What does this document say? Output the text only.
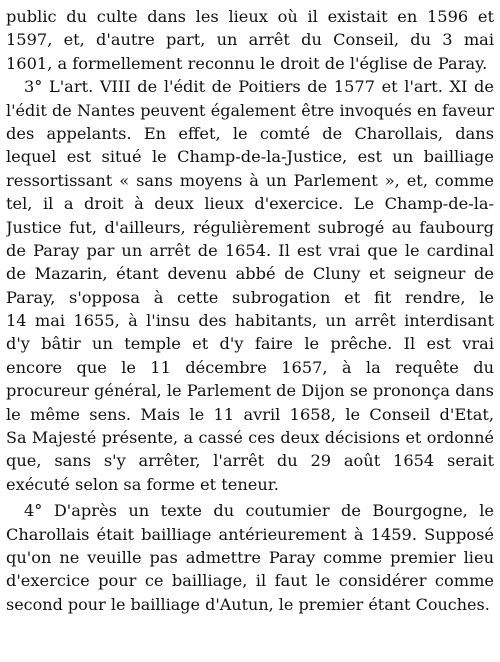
public du culte dans les lieux où il existait en 1596 et
1597, et, d'autre part, un arrêt du Conseil, du 3 mai
1601, a formellement reconnu le droit de l'église de Paray.
3° L'art. VIII de l'édit de Poitiers de 1577 et l'art. XI de
l'édit de Nantes peuvent également être invoqués en faveur
des appelants. En effet, le comté de Charollais, dans
lequel est situé le Champ-de-la-Justice, est un bailliage
ressortissant « sans moyens à un Parlement », et, comme
tel, il a droit à deux lieux d'exercice. Le Champ-de-la-
Justice fut, d'ailleurs, régulièrement subrogé au faubourg
de Paray par un arrêt de 1654. Il est vrai que le cardinal
de Mazarin, étant devenu abbé de Cluny et seigneur de
Paray, s'opposa à cette subrogation et fit rendre, le
14 mai 1655, à l'insu des habitants, un arrêt interdisant
d'y bâtir un temple et d'y faire le prêche. Il est vrai
encore que le 11 décembre 1657, à la requête du
procureur général, le Parlement de Dijon se prononça dans
le même sens. Mais le 11 avril 1658, le Conseil d'Etat,
Sa Majesté présente, a cassé ces deux décisions et ordonné
que, sans s'y arrêter, l'arrêt du 29 août 1654 serait
exécuté selon sa forme et teneur.
4° D'après un texte du coutumier de Bourgogne, le
Charollais était bailliage antérieurement à 1459. Supposé
qu'on ne veuille pas admettre Paray comme premier lieu
d'exercice pour ce bailliage, il faut le considérer comme
second pour le bailliage d'Autun, le premier étant Couches.
